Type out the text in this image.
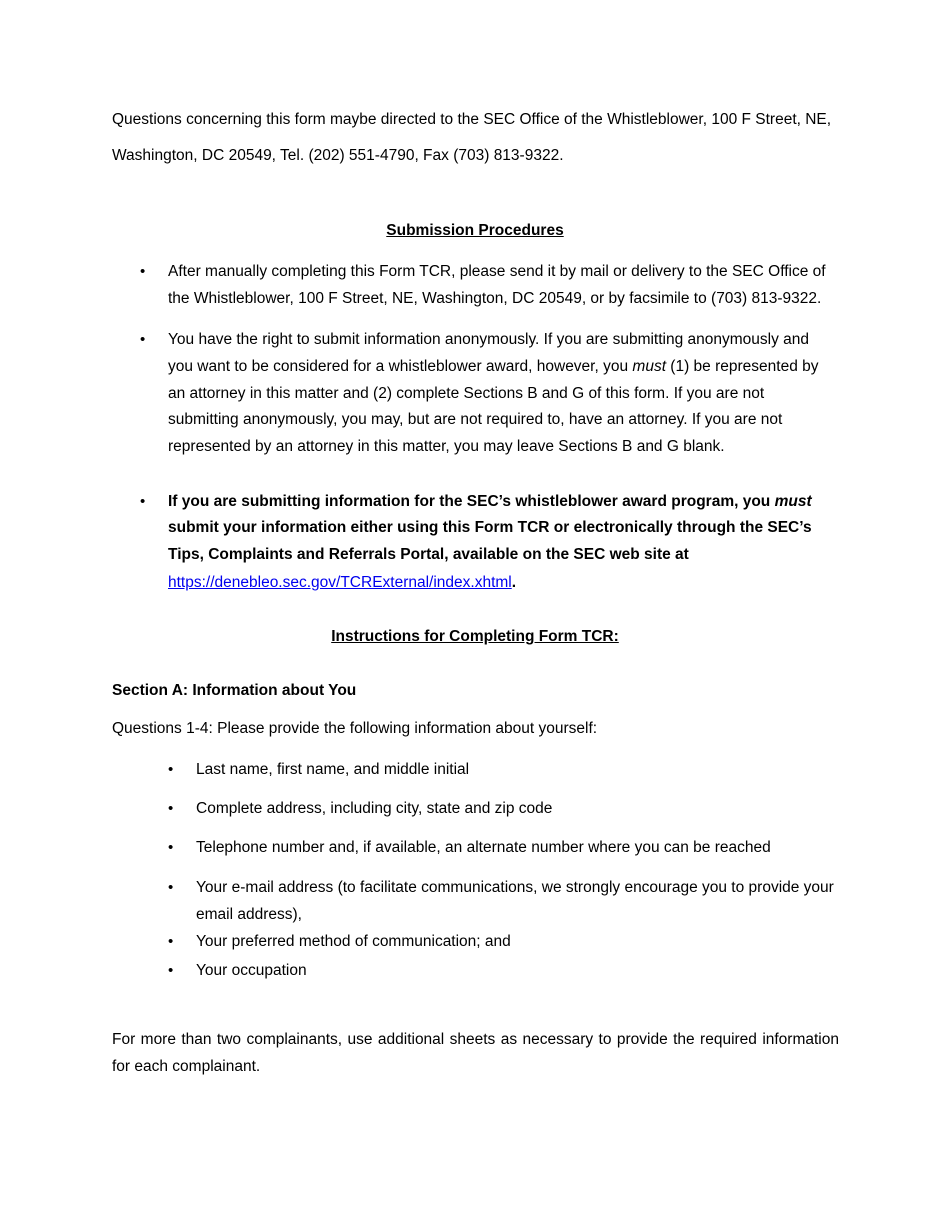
Questions concerning this form maybe directed to the SEC Office of the Whistleblower, 100 F Street, NE,
Washington, DC 20549, Tel. (202) 551-4790, Fax (703) 813-9322.
Submission Procedures
• After manually completing this Form TCR, please send it by mail or delivery to the SEC Office of
the Whistleblower, 100 F Street, NE, Washington, DC 20549, or by facsimile to (703) 813-9322.
• You have the right to submit information anonymously. If you are submitting anonymously and
you want to be considered for a whistleblower award, however, you must (1) be represented by
an attorney in this matter and (2) complete Sections B and G of this form. If you are not
submitting anonymously, you may, but are not required to, have an attorney. If you are not
represented by an attorney in this matter, you may leave Sections B and G blank.
• If you are submitting information for the SEC’s whistleblower award program, you must
submit your information either using this Form TCR or electronically through the SEC’s
Tips, Complaints and Referrals Portal, available on the SEC web site at
https://denebleo.sec.gov/TCRExternal/index.xhtml.
Instructions for Completing Form TCR:
Section A: Information about You
Questions 1-4: Please provide the following information about yourself:
• Last name, first name, and middle initial
• Complete address, including city, state and zip code
• Telephone number and, if available, an alternate number where you can be reached
• Your e-mail address (to facilitate communications, we strongly encourage you to provide your
email address),
• Your preferred method of communication; and
• Your occupation
For more than two complainants, use additional sheets as necessary to provide the required information for each complainant.
